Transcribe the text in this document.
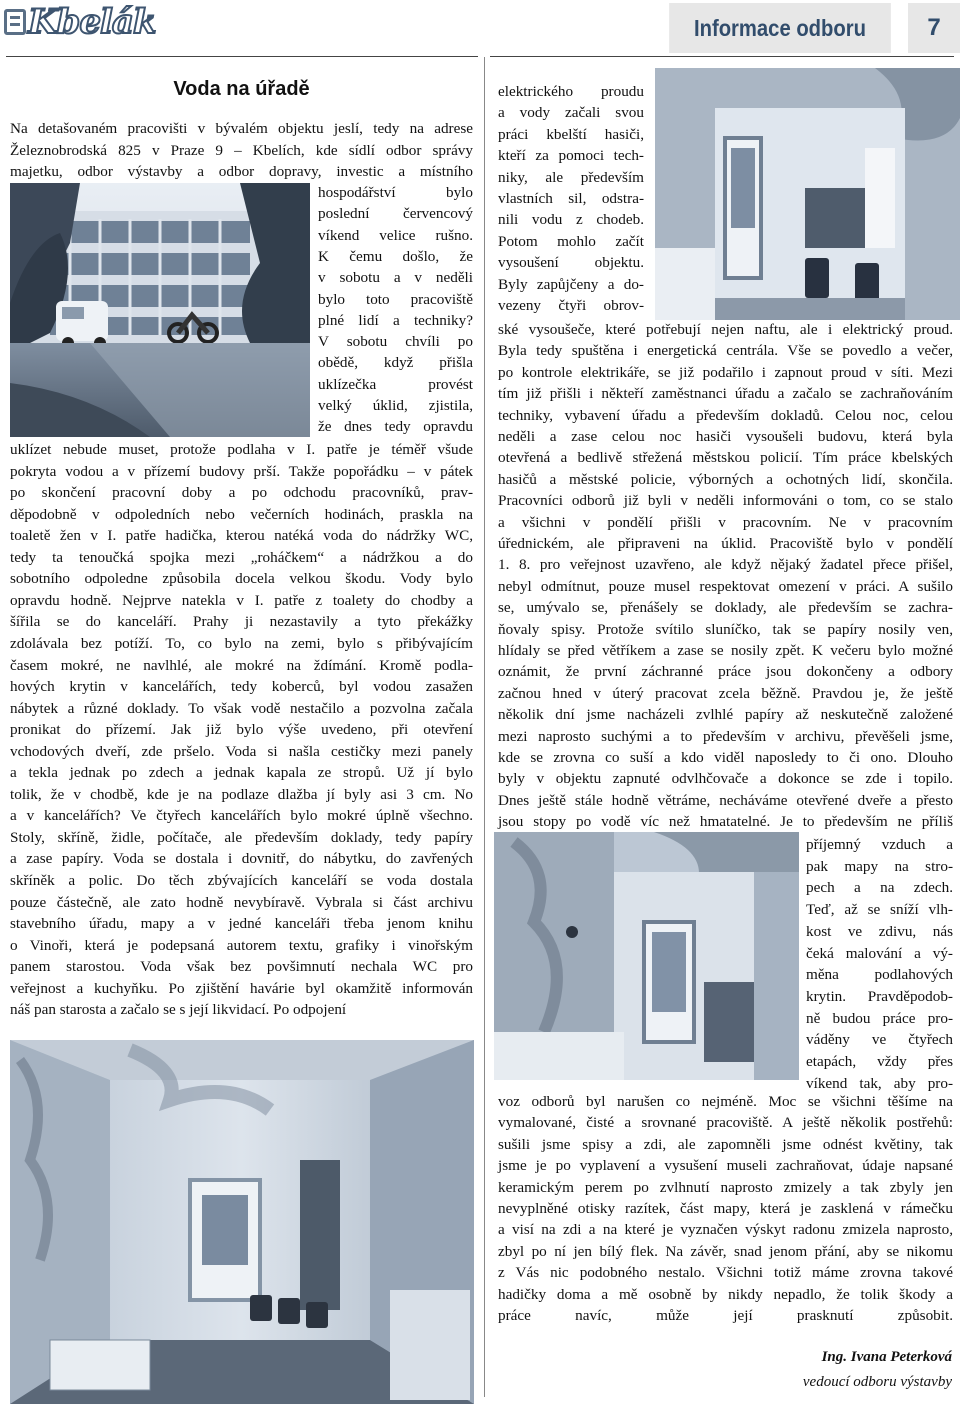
Kbelák	Informace odboru	7
Voda na úřadě
Na detašovaném pracovišti v bývalém objektu jeslí, tedy na adrese
Železnobrodská 825 v Praze 9 – Kbelích, kde sídlí odbor správy
majetku, odbor výstavby a odbor dopravy, investic a místního
hospodářství bylo
poslední červencový
víkend velice rušno.
K čemu došlo, že
v sobotu a v neděli
bylo toto pracoviště
plné lidí a techniky?
V sobotu chvíli po
obědě, když přišla
uklízečka provést
velký úklid, zjistila,
že dnes tedy opravdu
uklízet nebude muset, protože podlaha v I. patře je téměř všude
pokryta vodou a v přízemí budovy prší. Takže popořádku – v pátek
po skončení pracovní doby a po odchodu pracovníků, prav-
děpodobně v odpoledních nebo večerních hodinách, praskla na
toaletě žen v I. patře hadička, kterou natéká voda do nádržky WC,
tedy ta tenoučká spojka mezi „roháčkem“ a nádržkou a do
sobotního odpoledne způsobila docela velkou škodu. Vody bylo
opravdu hodně. Nejprve natekla v I. patře z toalety do chodby a
šířila se do kanceláří. Prahy ji nezastavily a tyto překážky
zdolávala bez potíží. To, co bylo na zemi, bylo s přibývajícím
časem mokré, ne navlhlé, ale mokré na ždímání. Kromě podla-
hových krytin v kancelářích, tedy koberců, byl vodou zasažen
nábytek a různé doklady. To však vodě nestačilo a pozvolna začala
pronikat do přízemí. Jak již bylo výše uvedeno, při otevření
vchodových dveří, zde pršelo. Voda si našla cestičky mezi panely
a tekla jednak po zdech a jednak kapala ze stropů. Už jí bylo
tolik, že v chodbě, kde je na podlaze dlažba jí byly asi 3 cm. No
a v kancelářích? Ve čtyřech kancelářích bylo mokré úplně všechno.
Stoly, skříně, židle, počítače, ale především doklady, tedy papíry
a zase papíry. Voda se dostala i dovnitř, do nábytku, do zavřených
skříněk a polic. Do těch zbývajících kanceláří se voda dostala
pouze částečně, ale zato hodně nevybíravě. Vybrala si část archivu
stavebního úřadu, mapy a v jedné kanceláři třeba jenom knihu
o Vinoři, která je podepsaná autorem textu, grafiky i vinořským
panem starostou. Voda však bez povšimnutí nechala WC pro
veřejnost a kuchyňku. Po zjištění havárie byl okamžitě informován
náš pan starosta a začalo se s její likvidací. Po odpojení
elektrického proudu
a vody začali svou
práci kbelští hasiči,
kteří za pomoci tech-
niky, ale především
vlastních sil, odstra-
nili vodu z chodeb.
Potom mohlo začít
vysoušení objektu.
Byly zapůjčeny a do-
vezeny čtyři obrov-
ské vysoušeče, které potřebují nejen naftu, ale i elektrický proud.
Byla tedy spuštěna i energetická centrála. Vše se povedlo a večer,
po kontrole elektrikáře, se již podařilo i zapnout proud v síti. Mezi
tím již přišli i někteří zaměstnanci úřadu a začalo se zachraňováním
techniky, vybavení úřadu a především dokladů. Celou noc, celou
neděli a zase celou noc hasiči vysoušeli budovu, která byla
otevřená a bedlivě střežená městskou policií. Tím práce kbelských
hasičů a městské policie, výborných a ochotných lidí, skončila.
Pracovníci odborů již byli v neděli informováni o tom, co se stalo
a všichni v pondělí přišli v pracovním. Ne v pracovním
úřednickém, ale připraveni na úklid. Pracoviště bylo v pondělí
1. 8. pro veřejnost uzavřeno, ale když nějaký žadatel přece přišel,
nebyl odmítnut, pouze musel respektovat omezení v práci. A sušilo
se, umývalo se, přenášely se doklady, ale především se zachra-
ňovaly spisy. Protože svítilo sluníčko, tak se papíry nosily ven,
hlídaly se před větříkem a zase se nosily zpět. K večeru bylo možné
oznámit, že první záchranné práce jsou dokončeny a odbory
začnou hned v úterý pracovat zcela běžně. Pravdou je, že ještě
několik dní jsme nacházeli zvlhlé papíry až neskutečně založené
mezi naprosto suchými a to především v archivu, převěšeli jsme,
kde se zrovna co suší a kdo viděl naposledy to či ono. Dlouho
byly v objektu zapnuté odvlhčovače a dokonce se zde i topilo.
Dnes ještě stále hodně větráme, necháváme otevřené dveře a přesto
jsou stopy po vodě víc než hmatatelné. Je to především ne příliš
příjemný vzduch a
pak mapy na stro-
pech a na zdech.
Teď, až se sníží vlh-
kost ve zdivu, nás
čeká malování a vý-
měna podlahových
krytin. Pravděpodob-
ně budou práce pro-
váděny ve čtyřech
etapách, vždy přes
víkend tak, aby pro-
voz odborů byl narušen co nejméně. Moc se všichni těšíme na
vymalované, čisté a srovnané pracoviště. A ještě několik postřehů:
sušili jsme spisy a zdi, ale zapomněli jsme odnést květiny, tak
jsme je po vyplavení a vysušení museli zachraňovat, údaje napsané
keramickým perem po zvlhnutí naprosto zmizely a tak zbyly jen
nevyplněné otisky razítek, část mapy, která je zasklená v rámečku
a visí na zdi a na které je vyznačen výskyt radonu zmizela naprosto,
zbyl po ní jen bílý flek. Na závěr, snad jenom přání, aby se nikomu
z Vás nic podobného nestalo. Všichni totiž máme zrovna takové
hadičky doma a mě osobně by nikdy nepadlo, že tolik škody a
práce navíc, může její prasknutí způsobit.
Ing. Ivana Peterková
vedoucí odboru výstavby
